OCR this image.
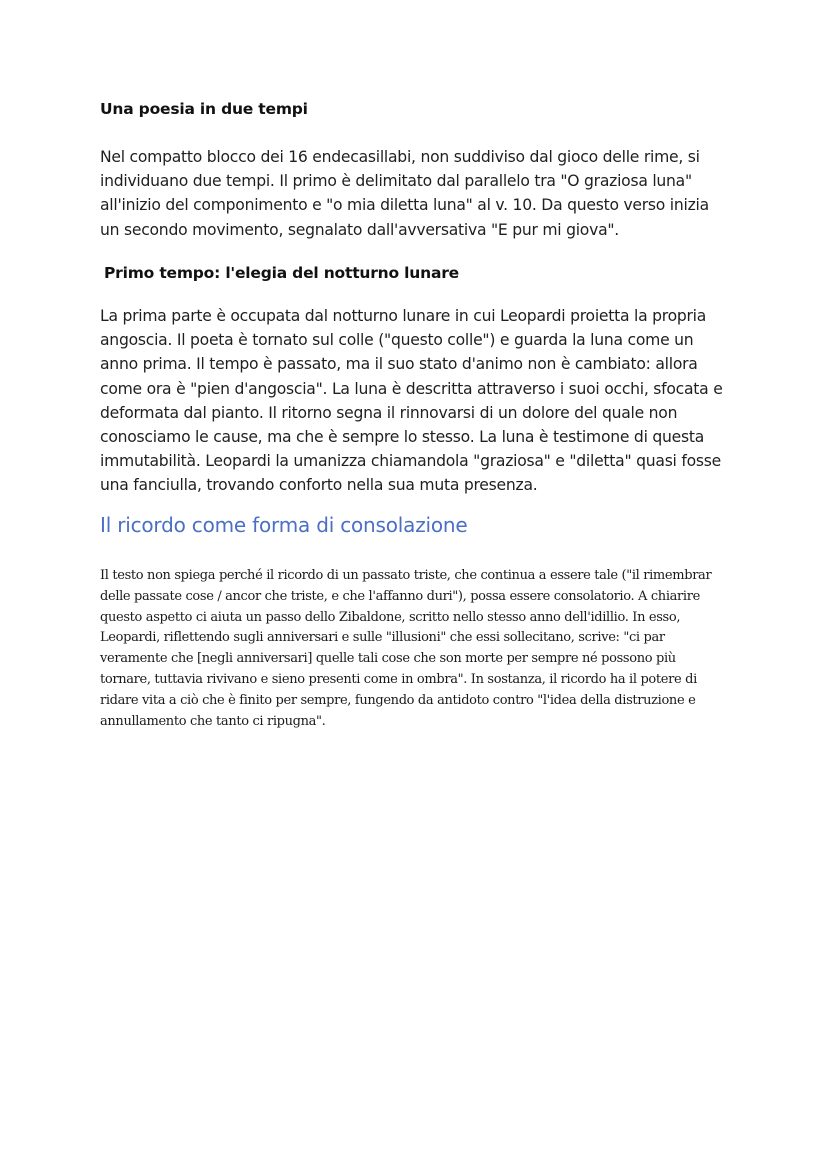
Una poesia in due tempi

Nel compatto blocco dei 16 endecasillabi, non suddiviso dal gioco delle rime, si individuano due tempi. Il primo è delimitato dal parallelo tra "O graziosa luna" all'inizio del componimento e "o mia diletta luna" al v. 10. Da questo verso inizia un secondo movimento, segnalato dall'avversativa "E pur mi giova".

Primo tempo: l'elegia del notturno lunare

La prima parte è occupata dal notturno lunare in cui Leopardi proietta la propria angoscia. Il poeta è tornato sul colle ("questo colle") e guarda la luna come un anno prima. Il tempo è passato, ma il suo stato d'animo non è cambiato: allora come ora è "pien d'angoscia". La luna è descritta attraverso i suoi occhi, sfocata e deformata dal pianto. Il ritorno segna il rinnovarsi di un dolore del quale non conosciamo le cause, ma che è sempre lo stesso. La luna è testimone di questa immutabilità. Leopardi la umanizza chiamandola "graziosa" e "diletta" quasi fosse una fanciulla, trovando conforto nella sua muta presenza.

Il ricordo come forma di consolazione

Il testo non spiega perché il ricordo di un passato triste, che continua a essere tale ("il rimembrar delle passate cose / ancor che triste, e che l'affanno duri"), possa essere consolatorio. A chiarire questo aspetto ci aiuta un passo dello Zibaldone, scritto nello stesso anno dell'idillio. In esso, Leopardi, riflettendo sugli anniversari e sulle "illusioni" che essi sollecitano, scrive: "ci par veramente che [negli anniversari] quelle tali cose che son morte per sempre né possono più tornare, tuttavia rivivano e sieno presenti come in ombra". In sostanza, il ricordo ha il potere di ridare vita a ciò che è finito per sempre, fungendo da antidoto contro "l'idea della distruzione e annullamento che tanto ci ripugna".
